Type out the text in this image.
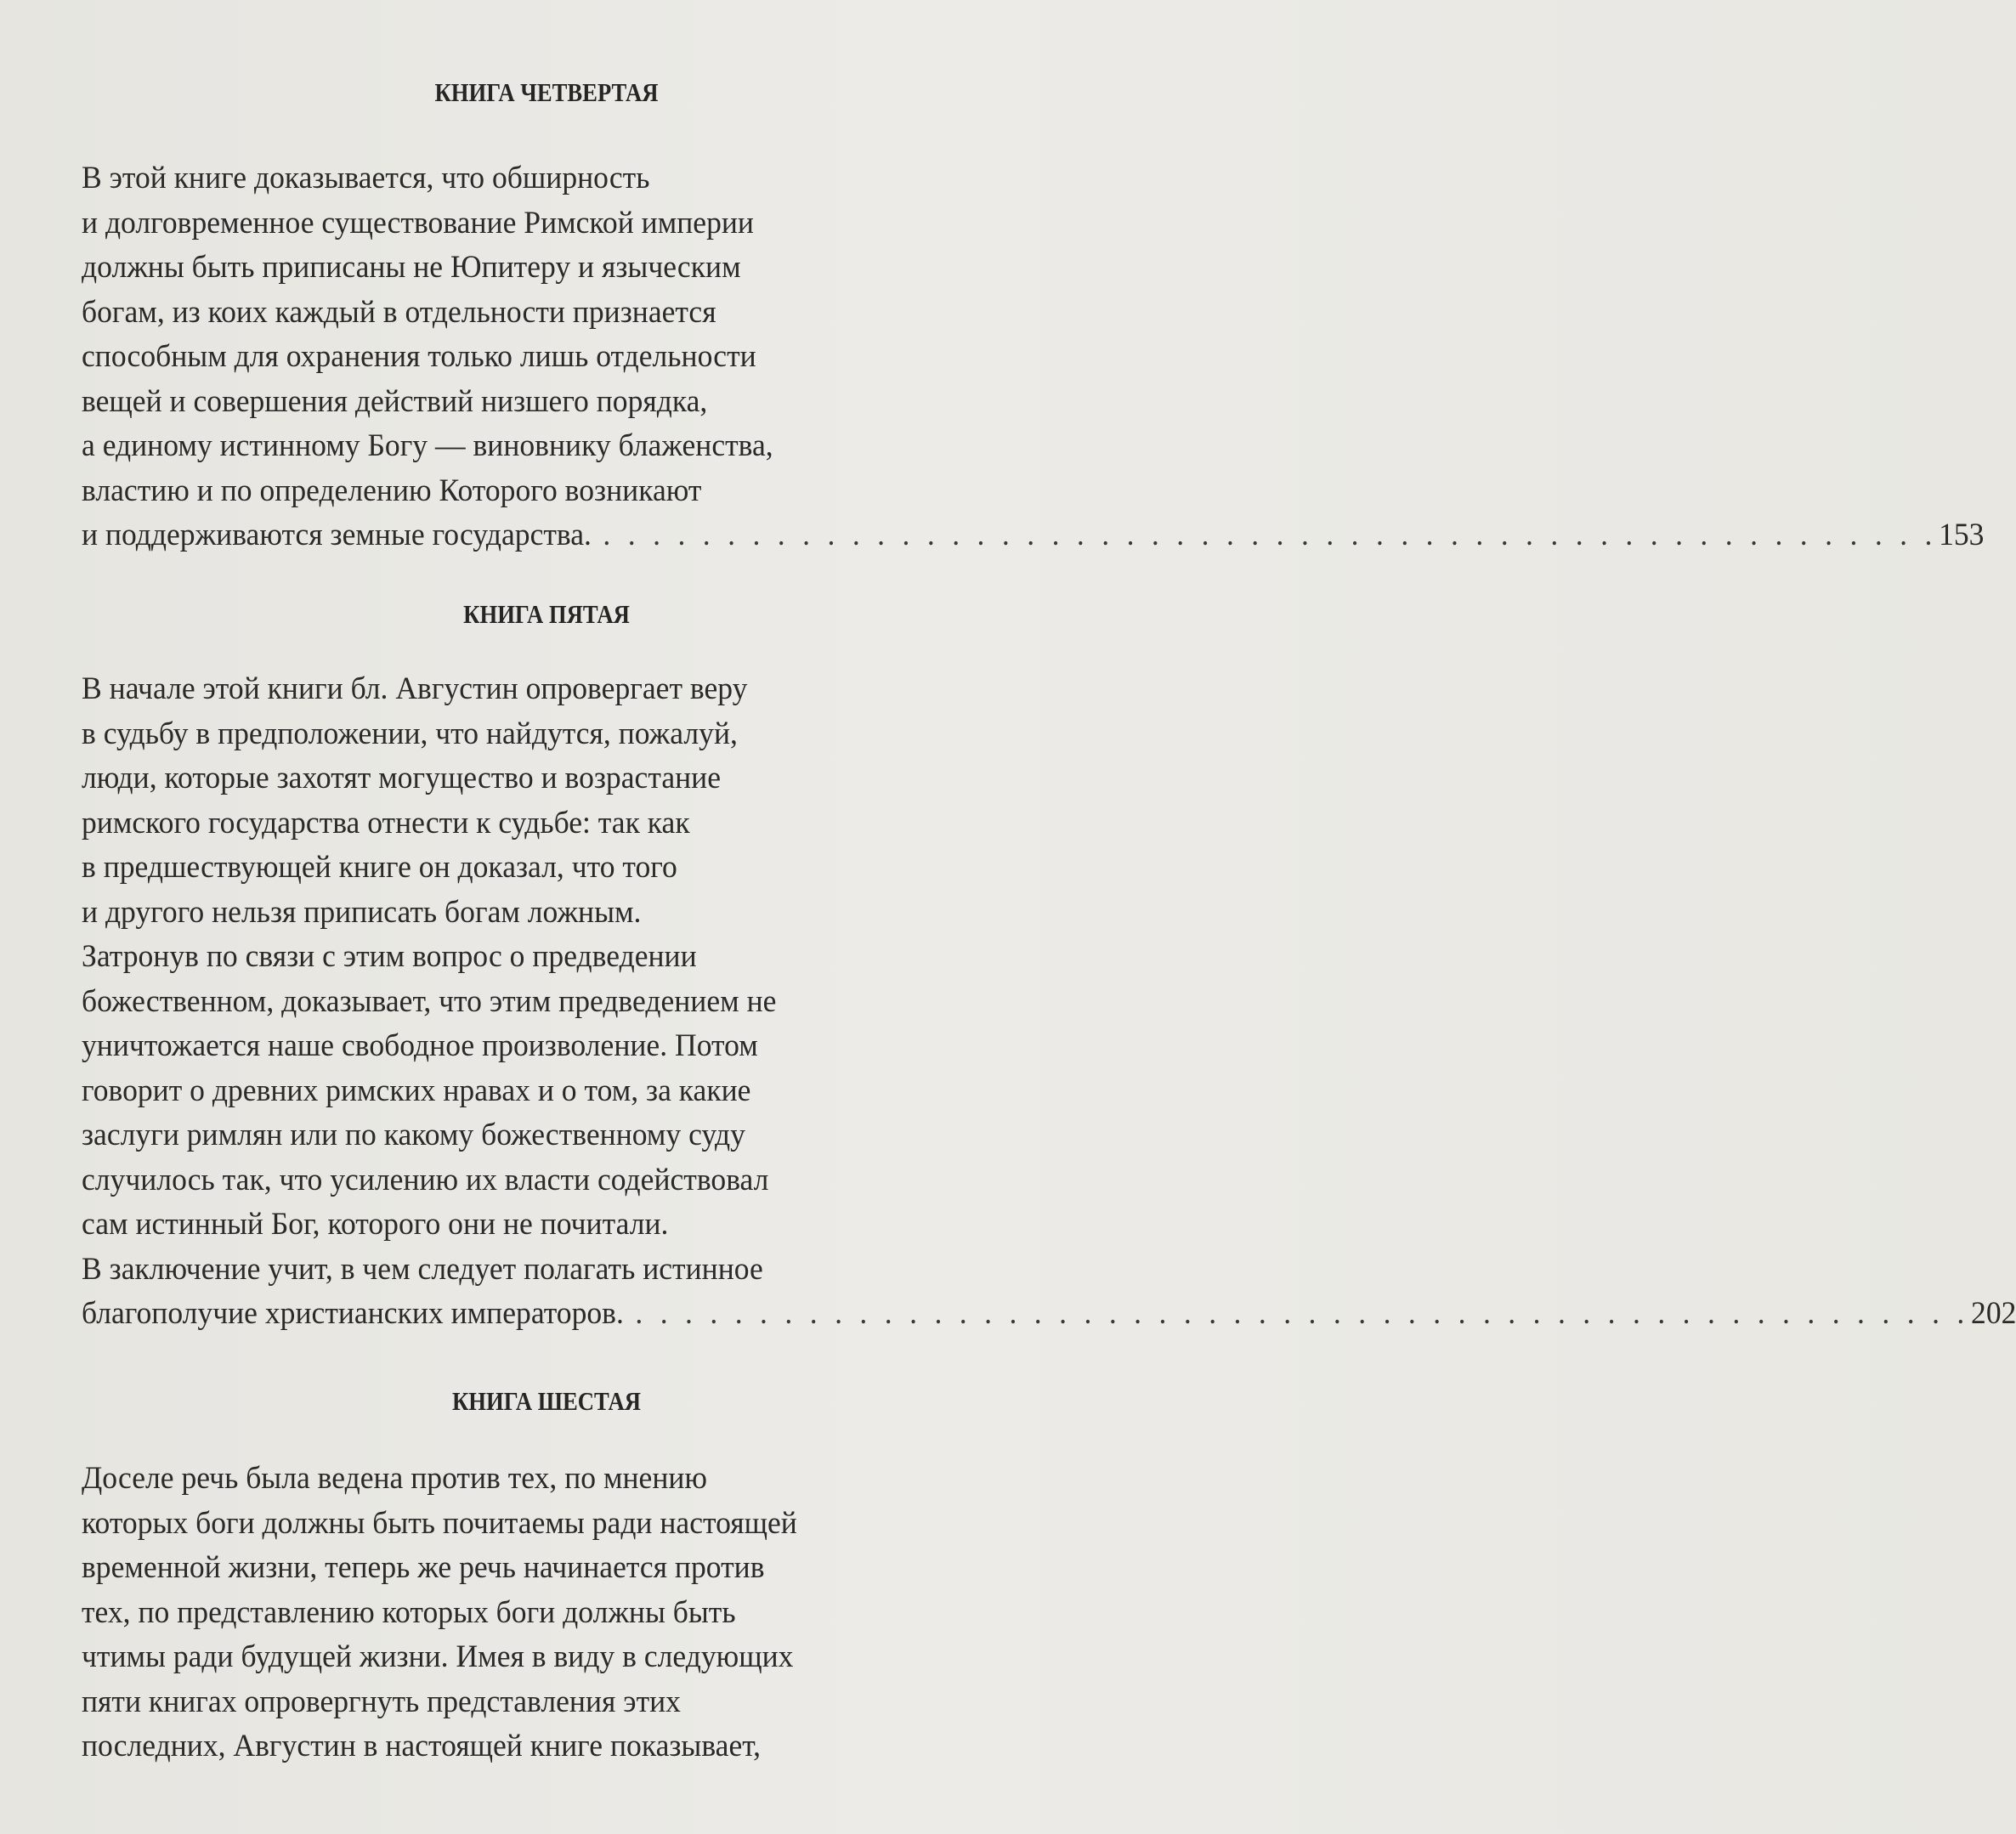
КНИГА ЧЕТВЕРТАЯ
В этой книге доказывается, что обширность
и долговременное существование Римской империи
должны быть приписаны не Юпитеру и языческим
богам, из коих каждый в отдельности признается
способным для охранения только лишь отдельности
вещей и совершения действий низшего порядка,
а единому истинному Богу — виновнику блаженства,
властию и по определению Которого возникают
и поддерживаются земные государства. . . . . . . . . . . . . . . . . . . . . . . . . . . . . . . . . . . . . . . . . . . . . . . . . . . . . . . 153
КНИГА ПЯТАЯ
В начале этой книги бл. Августин опровергает веру
в судьбу в предположении, что найдутся, пожалуй,
люди, которые захотят могущество и возрастание
римского государства отнести к судьбе: так как
в предшествующей книге он доказал, что того
и другого нельзя приписать богам ложным.
Затронув по связи с этим вопрос о предведении
божественном, доказывает, что этим предведением не
уничтожается наше свободное произволение. Потом
говорит о древних римских нравах и о том, за какие
заслуги римлян или по какому божественному суду
случилось так, что усилению их власти содействовал
сам истинный Бог, которого они не почитали.
В заключение учит, в чем следует полагать истинное
благополучие христианских императоров. . . . . . . . . . . . . . . . . . . . . . . . . . . . . . . . . . . . . . . . . . . . . . . . . . . . . . . 202
КНИГА ШЕСТАЯ
Доселе речь была ведена против тех, по мнению
которых боги должны быть почитаемы ради настоящей
временной жизни, теперь же речь начинается против
тех, по представлению которых боги должны быть
чтимы ради будущей жизни. Имея в виду в следующих
пяти книгах опровергнуть представления этих
последних, Августин в настоящей книге показывает,
